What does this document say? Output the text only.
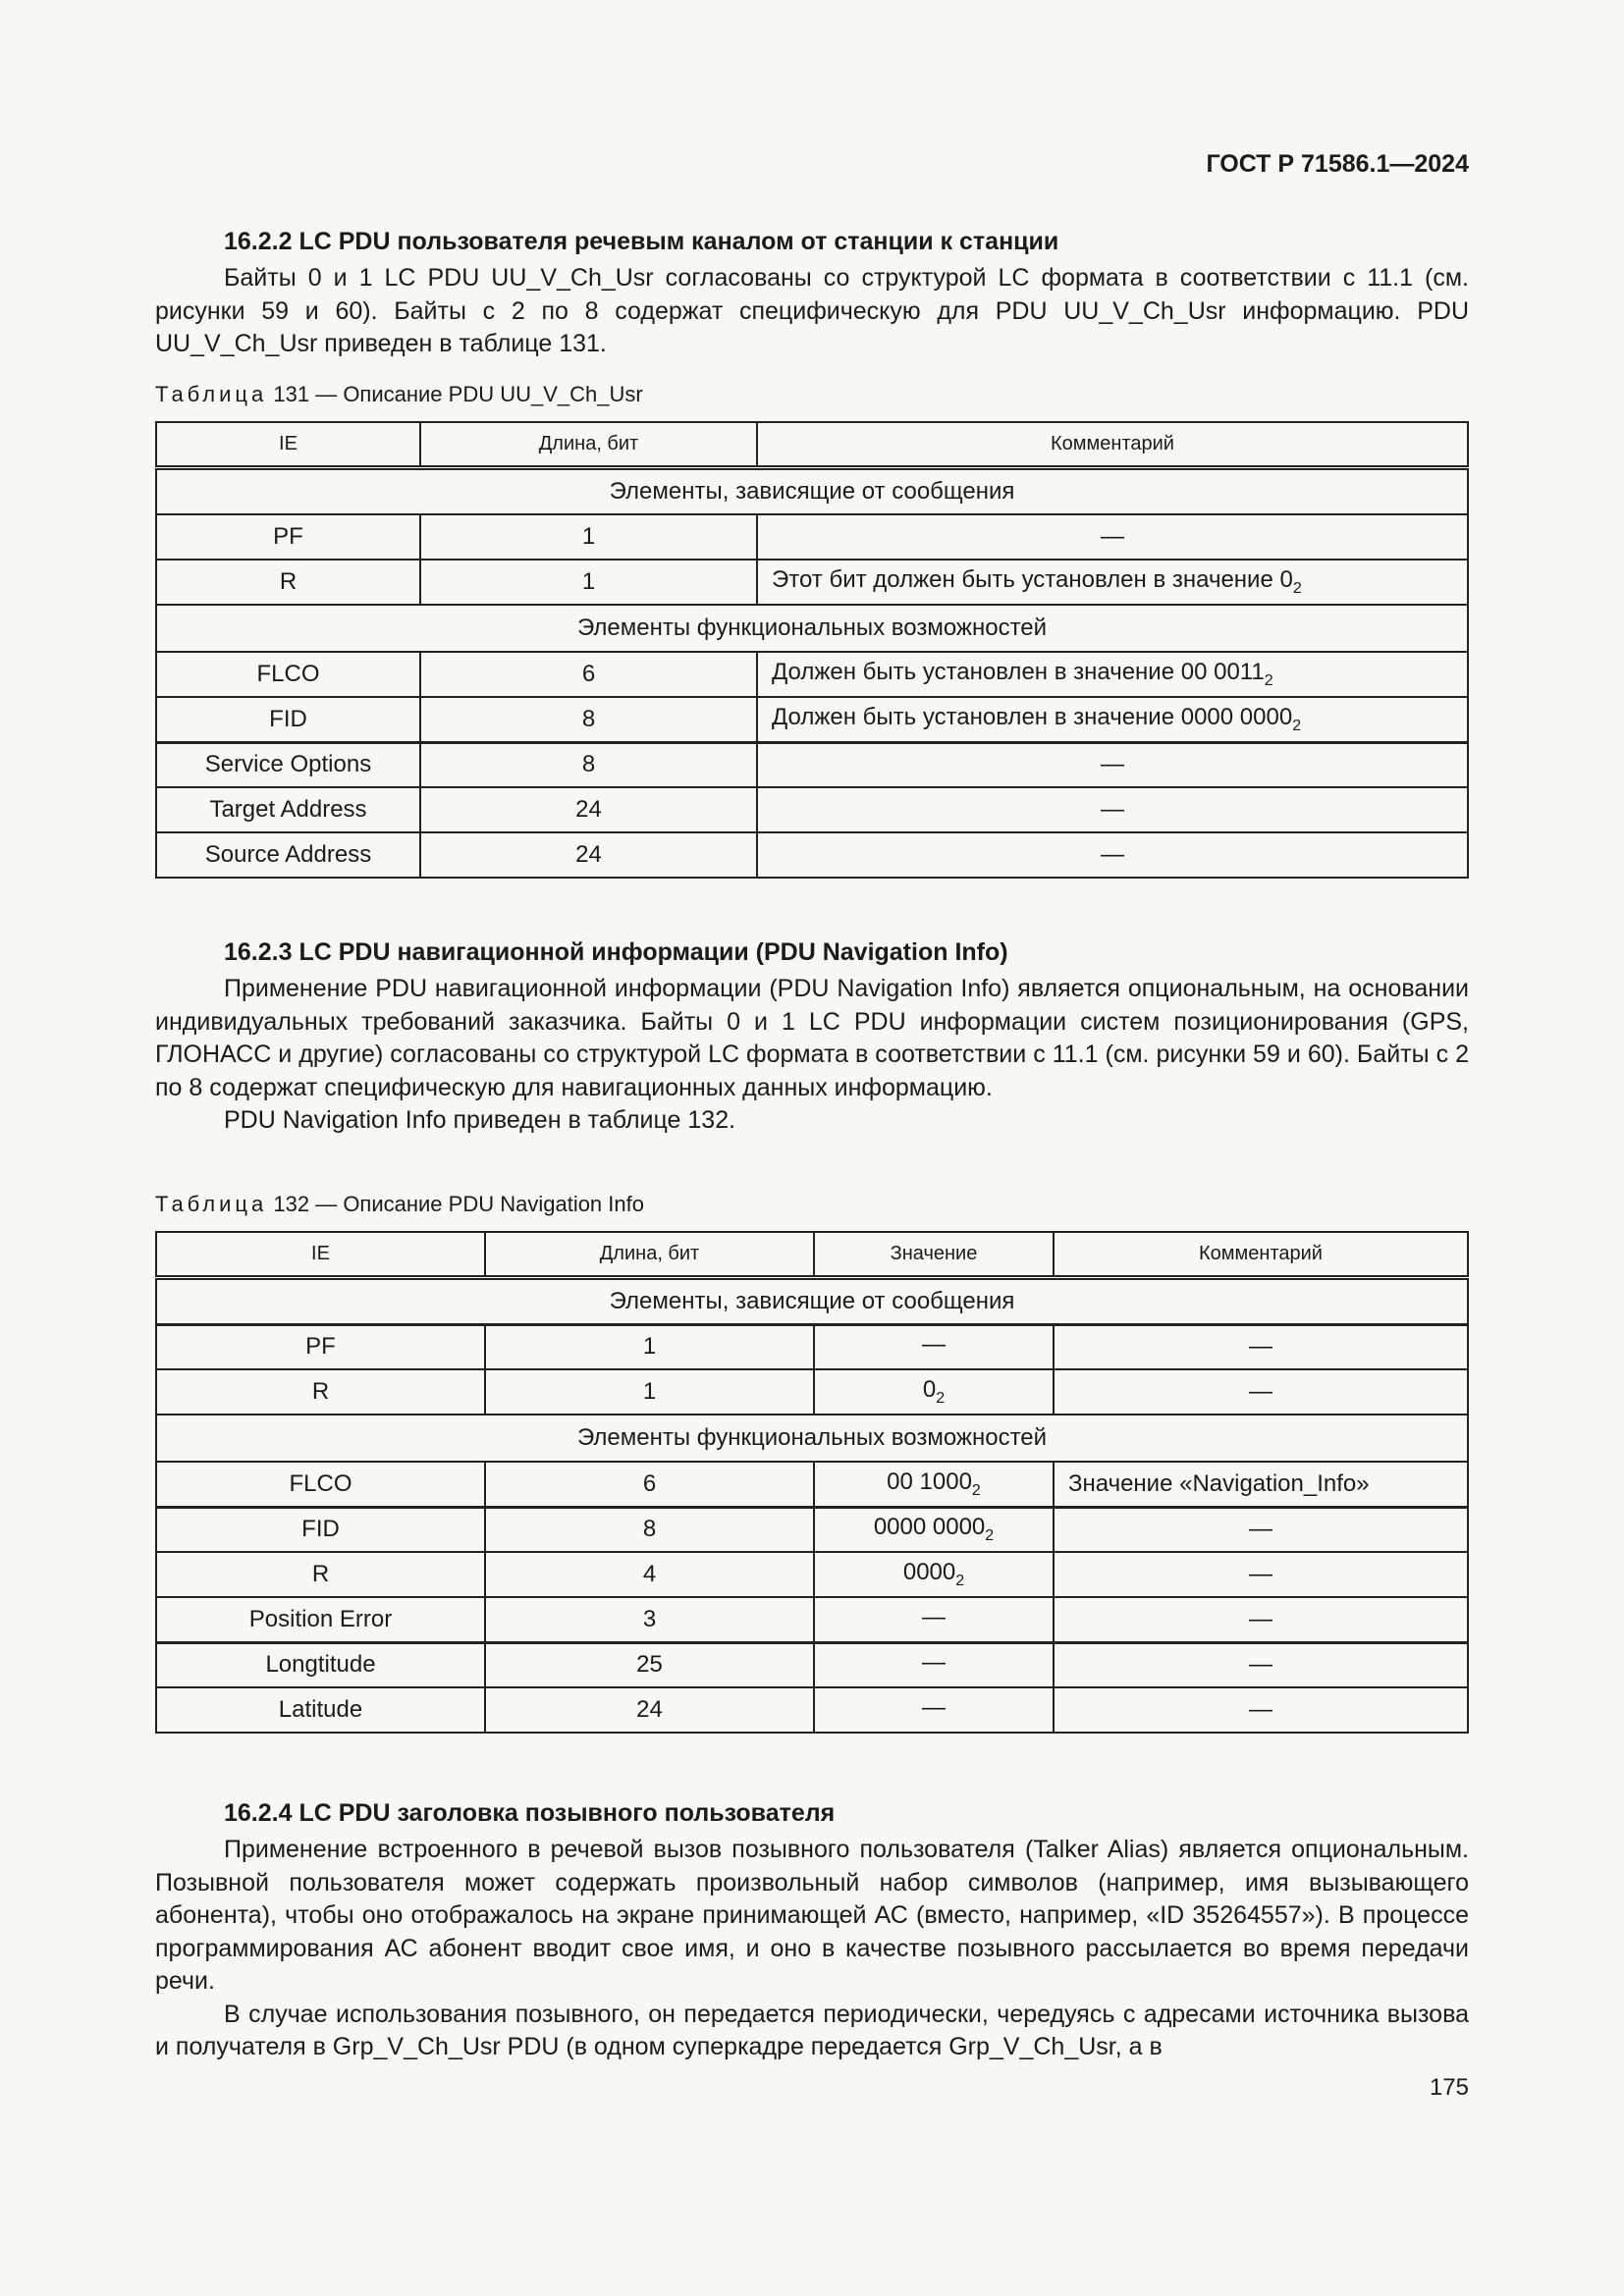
ГОСТ Р 71586.1—2024

16.2.2 LC PDU пользователя речевым каналом от станции к станции

Байты 0 и 1 LC PDU UU_V_Ch_Usr согласованы со структурой LC формата в соответствии с 11.1 (см. рисунки 59 и 60). Байты с 2 по 8 содержат специфическую для PDU UU_V_Ch_Usr информацию. PDU UU_V_Ch_Usr приведен в таблице 131.

Таблица 131 — Описание PDU UU_V_Ch_Usr

IE	Длина, бит	Комментарий
Элементы, зависящие от сообщения		
PF	1	—
R	1	Этот бит должен быть установлен в значение $0_2$
Элементы функциональных возможностей		
FLCO	6	Должен быть установлен в значение 00 $0011_2$
FID	8	Должен быть установлен в значение 0000 $0000_2$
Service Options	8	—
Target Address	24	—
Source Address	24	—

16.2.3 LC PDU навигационной информации (PDU Navigation Info)

Применение PDU навигационной информации (PDU Navigation Info) является опциональным, на основании индивидуальных требований заказчика. Байты 0 и 1 LC PDU информации систем позиционирования (GPS, ГЛОНАСС и другие) согласованы со структурой LC формата в соответствии с 11.1 (см. рисунки 59 и 60). Байты с 2 по 8 содержат специфическую для навигационных данных информацию.

PDU Navigation Info приведен в таблице 132.

Таблица 132 — Описание PDU Navigation Info

IE	Длина, бит	Значение	Комментарий
Элементы, зависящие от сообщения			
PF	1	—	—
R	1	$0_2$	—
Элементы функциональных возможностей			
FLCO	6	00 $1000_2$	Значение «Navigation_Info»
FID	8	0000 $0000_2$	—
R	4	$0000_2$	—
Position Error	3	—	—
Longtitude	25	—	—
Latitude	24	—	—

16.2.4 LC PDU заголовка позывного пользователя

Применение встроенного в речевой вызов позывного пользователя (Talker Alias) является опциональным. Позывной пользователя может содержать произвольный набор символов (например, имя вызывающего абонента), чтобы оно отображалось на экране принимающей АС (вместо, например, «ID 35264557»). В процессе программирования АС абонент вводит свое имя, и оно в качестве позывного рассылается во время передачи речи.

В случае использования позывного, он передается периодически, чередуясь с адресами источника вызова и получателя в Grp_V_Ch_Usr PDU (в одном суперкадре передается Grp_V_Ch_Usr, а в

175
